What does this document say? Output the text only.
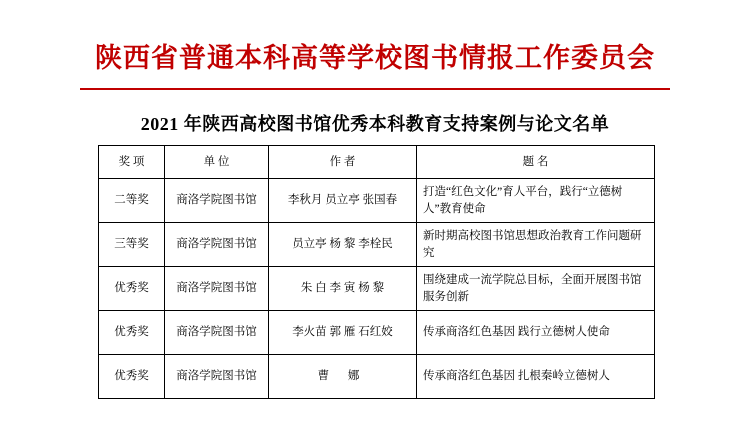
陕西省普通本科高等学校图书情报工作委员会
2021 年陕西高校图书馆优秀本科教育支持案例与论文名单
奖 项	单 位	作 者	题 名
二等奖	商洛学院图书馆	李秋月 员立亭 张国春	打造“红色文化”育人平台，践行“立德树人”教育使命
三等奖	商洛学院图书馆	员立亭 杨 黎 李栓民	新时期高校图书馆思想政治教育工作问题研究
优秀奖	商洛学院图书馆	朱 白 李 寅 杨 黎	围绕建成一流学院总目标，全面开展图书馆服务创新
优秀奖	商洛学院图书馆	李火苗 郭 雁 石红姣	传承商洛红色基因 践行立德树人使命
优秀奖	商洛学院图书馆	曹 娜	传承商洛红色基因 扎根秦岭立德树人
